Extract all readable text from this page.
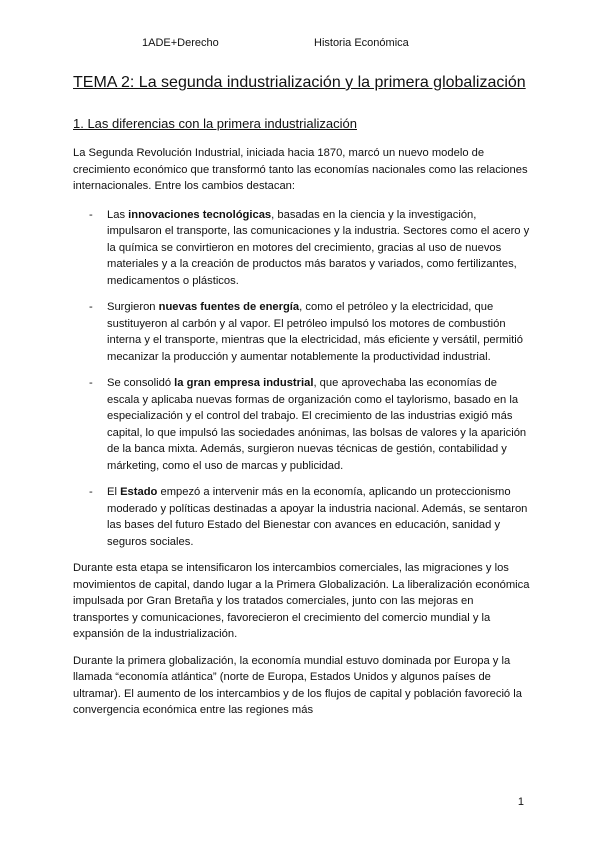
1ADE+Derecho	Historia Económica
TEMA 2: La segunda industrialización y la primera globalización
1. Las diferencias con la primera industrialización

La Segunda Revolución Industrial, iniciada hacia 1870, marcó un nuevo modelo de crecimiento económico que transformó tanto las economías nacionales como las relaciones internacionales. Entre los cambios destacan:

- Las innovaciones tecnológicas, basadas en la ciencia y la investigación, impulsaron el transporte, las comunicaciones y la industria. Sectores como el acero y la química se convirtieron en motores del crecimiento, gracias al uso de nuevos materiales y a la creación de productos más baratos y variados, como fertilizantes, medicamentos o plásticos.
- Surgieron nuevas fuentes de energía, como el petróleo y la electricidad, que sustituyeron al carbón y al vapor. El petróleo impulsó los motores de combustión interna y el transporte, mientras que la electricidad, más eficiente y versátil, permitió mecanizar la producción y aumentar notablemente la productividad industrial.
- Se consolidó la gran empresa industrial, que aprovechaba las economías de escala y aplicaba nuevas formas de organización como el taylorismo, basado en la especialización y el control del trabajo. El crecimiento de las industrias exigió más capital, lo que impulsó las sociedades anónimas, las bolsas de valores y la aparición de la banca mixta. Además, surgieron nuevas técnicas de gestión, contabilidad y márketing, como el uso de marcas y publicidad.
- El Estado empezó a intervenir más en la economía, aplicando un proteccionismo moderado y políticas destinadas a apoyar la industria nacional. Además, se sentaron las bases del futuro Estado del Bienestar con avances en educación, sanidad y seguros sociales.

Durante esta etapa se intensificaron los intercambios comerciales, las migraciones y los movimientos de capital, dando lugar a la Primera Globalización. La liberalización económica impulsada por Gran Bretaña y los tratados comerciales, junto con las mejoras en transportes y comunicaciones, favorecieron el crecimiento del comercio mundial y la expansión de la industrialización.

Durante la primera globalización, la economía mundial estuvo dominada por Europa y la llamada “economía atlántica” (norte de Europa, Estados Unidos y algunos países de ultramar). El aumento de los intercambios y de los flujos de capital y población favoreció la convergencia económica entre las regiones más

1
